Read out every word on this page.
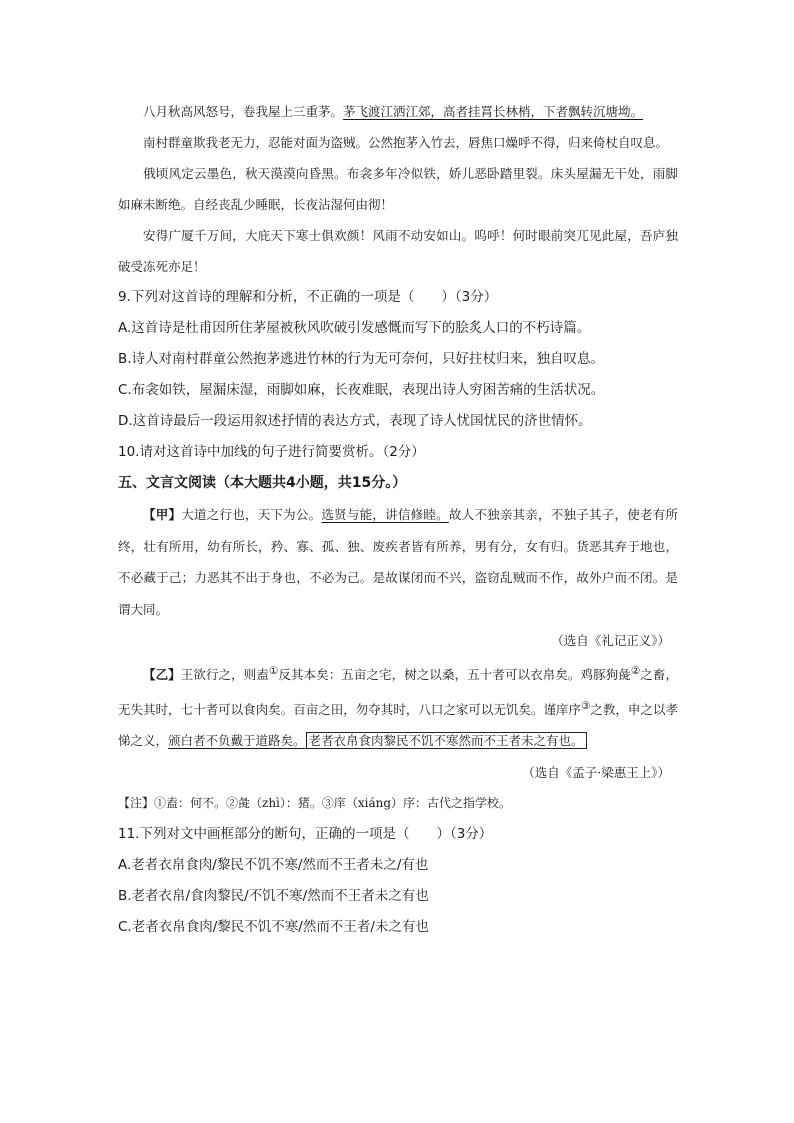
八月秋高风怒号，卷我屋上三重茅。茅飞渡江洒江郊，高者挂罥长林梢，下者飘转沉塘坳。

南村群童欺我老无力，忍能对面为盗贼。公然抱茅入竹去，唇焦口燥呼不得，归来倚杖自叹息。

俄顷风定云墨色，秋天漠漠向昏黑。布衾多年冷似铁，娇儿恶卧踏里裂。床头屋漏无干处，雨脚如麻未断绝。自经丧乱少睡眠，长夜沾湿何由彻！

安得广厦千万间，大庇天下寒士俱欢颜！风雨不动安如山。呜呼！何时眼前突兀见此屋，吾庐独破受冻死亦足！

9.下列对这首诗的理解和分析，不正确的一项是（　　）（3分）

A.这首诗是杜甫因所住茅屋被秋风吹破引发感慨而写下的脍炙人口的不朽诗篇。

B.诗人对南村群童公然抱茅逃进竹林的行为无可奈何，只好拄杖归来，独自叹息。

C.布衾如铁，屋漏床湿，雨脚如麻，长夜难眠，表现出诗人穷困苦痛的生活状况。

D.这首诗最后一段运用叙述抒情的表达方式，表现了诗人忧国忧民的济世情怀。

10.请对这首诗中加线的句子进行简要赏析。（2分）

五、文言文阅读（本大题共4小题，共15分。）

【甲】大道之行也，天下为公。选贤与能，讲信修睦。故人不独亲其亲，不独子其子，使老有所终，壮有所用，幼有所长，矜、寡、孤、独、废疾者皆有所养，男有分，女有归。货恶其弃于地也，不必藏于己；力恶其不出于身也，不必为己。是故谋闭而不兴，盗窃乱贼而不作，故外户而不闭。是谓大同。

（选自《礼记正义》）

【乙】王欲行之，则盍①反其本矣：五亩之宅，树之以桑，五十者可以衣帛矣。鸡豚狗彘②之畜，无失其时，七十者可以食肉矣。百亩之田，勿夺其时，八口之家可以无饥矣。谨庠序③之教，申之以孝悌之义，颁白者不负戴于道路矣。 老者衣帛食肉黎民不饥不寒然而不王者未之有也。

（选自《孟子·梁惠王上》）

【注】①盍：何不。②彘（zhì）：猪。③庠（xiáng）序：古代之指学校。

11.下列对文中画框部分的断句，正确的一项是（　　）（3分）

A.老者衣帛食肉/黎民不饥不寒/然而不王者未之/有也

B.老者衣帛/食肉黎民/不饥不寒/然而不王者未之有也

C.老者衣帛食肉/黎民不饥不寒/然而不王者/未之有也
